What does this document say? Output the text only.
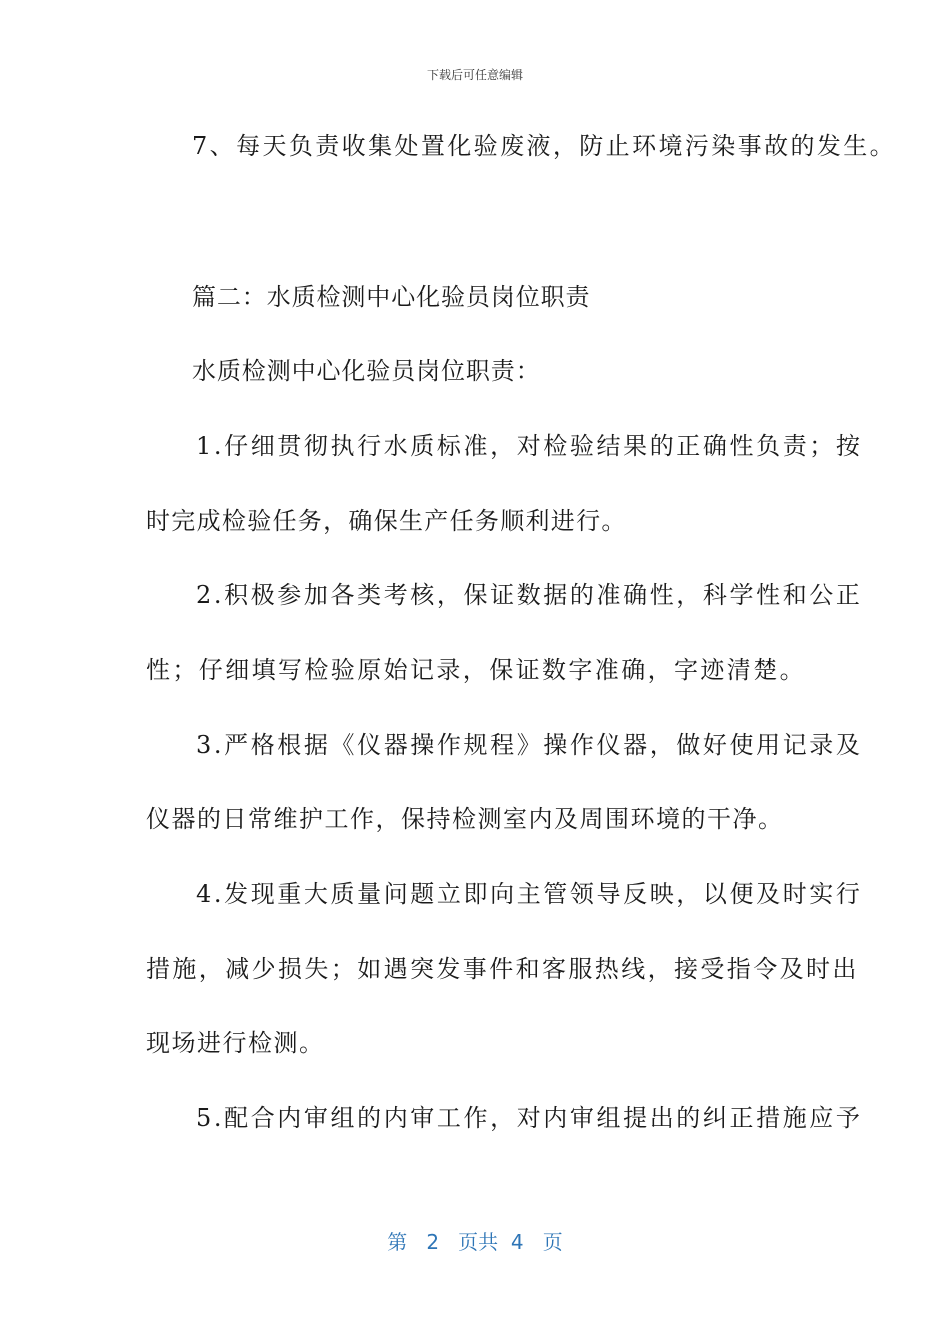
下载后可任意编辑
7、每天负责收集处置化验废液，防止环境污染事故的发生。
篇二：水质检测中心化验员岗位职责
水质检测中心化验员岗位职责：
1.仔细贯彻执行水质标准，对检验结果的正确性负责；按
时完成检验任务，确保生产任务顺利进行。
2.积极参加各类考核，保证数据的准确性，科学性和公正
性；仔细填写检验原始记录，保证数字准确，字迹清楚。
3.严格根据《仪器操作规程》操作仪器，做好使用记录及
仪器的日常维护工作，保持检测室内及周围环境的干净。
4.发现重大质量问题立即向主管领导反映，以便及时实行
措施，减少损失；如遇突发事件和客服热线，接受指令及时出
现场进行检测。
5.配合内审组的内审工作，对内审组提出的纠正措施应予
第 2 页共 4 页
